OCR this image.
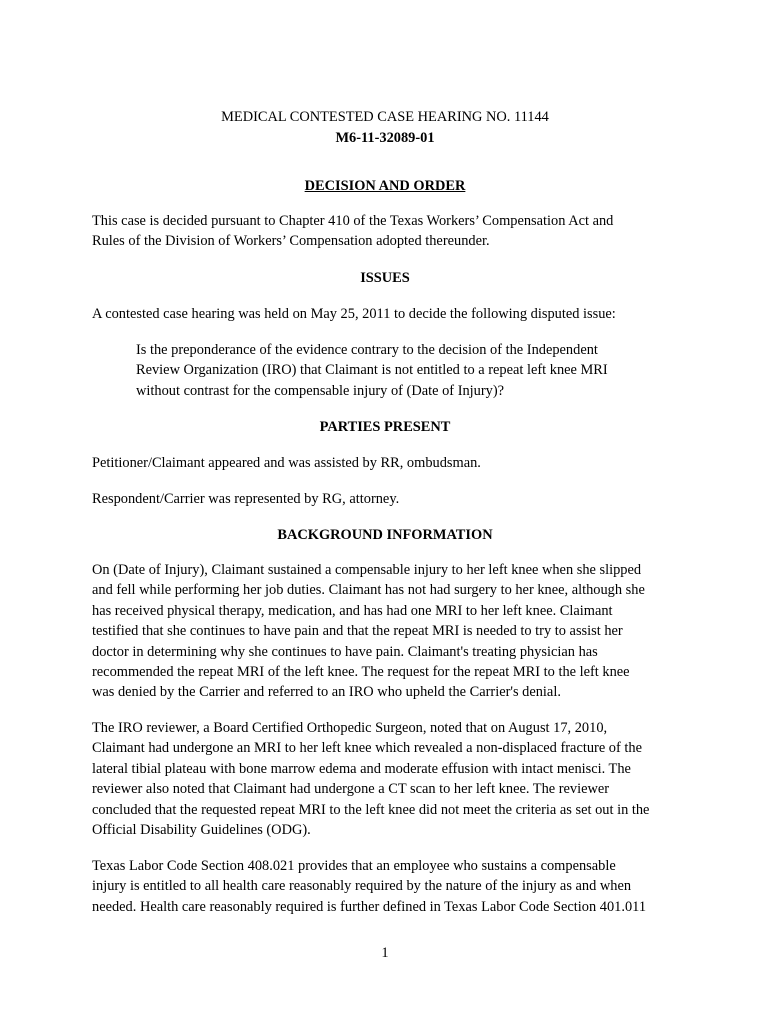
MEDICAL CONTESTED CASE HEARING NO. 11144
M6-11-32089-01
DECISION AND ORDER
This case is decided pursuant to Chapter 410 of the Texas Workers’ Compensation Act and
Rules of the Division of Workers’ Compensation adopted thereunder.
ISSUES
A contested case hearing was held on May 25, 2011 to decide the following disputed issue:
Is the preponderance of the evidence contrary to the decision of the Independent
Review Organization (IRO) that Claimant is not entitled to a repeat left knee MRI
without contrast for the compensable injury of (Date of Injury)?
PARTIES PRESENT
Petitioner/Claimant appeared and was assisted by RR, ombudsman.
Respondent/Carrier was represented by RG, attorney.
BACKGROUND INFORMATION
On (Date of Injury), Claimant sustained a compensable injury to her left knee when she slipped
and fell while performing her job duties. Claimant has not had surgery to her knee, although she
has received physical therapy, medication, and has had one MRI to her left knee. Claimant
testified that she continues to have pain and that the repeat MRI is needed to try to assist her
doctor in determining why she continues to have pain. Claimant's treating physician has
recommended the repeat MRI of the left knee. The request for the repeat MRI to the left knee
was denied by the Carrier and referred to an IRO who upheld the Carrier's denial.
The IRO reviewer, a Board Certified Orthopedic Surgeon, noted that on August 17, 2010,
Claimant had undergone an MRI to her left knee which revealed a non-displaced fracture of the
lateral tibial plateau with bone marrow edema and moderate effusion with intact menisci. The
reviewer also noted that Claimant had undergone a CT scan to her left knee. The reviewer
concluded that the requested repeat MRI to the left knee did not meet the criteria as set out in the
Official Disability Guidelines (ODG).
Texas Labor Code Section 408.021 provides that an employee who sustains a compensable
injury is entitled to all health care reasonably required by the nature of the injury as and when
needed. Health care reasonably required is further defined in Texas Labor Code Section 401.011
1
